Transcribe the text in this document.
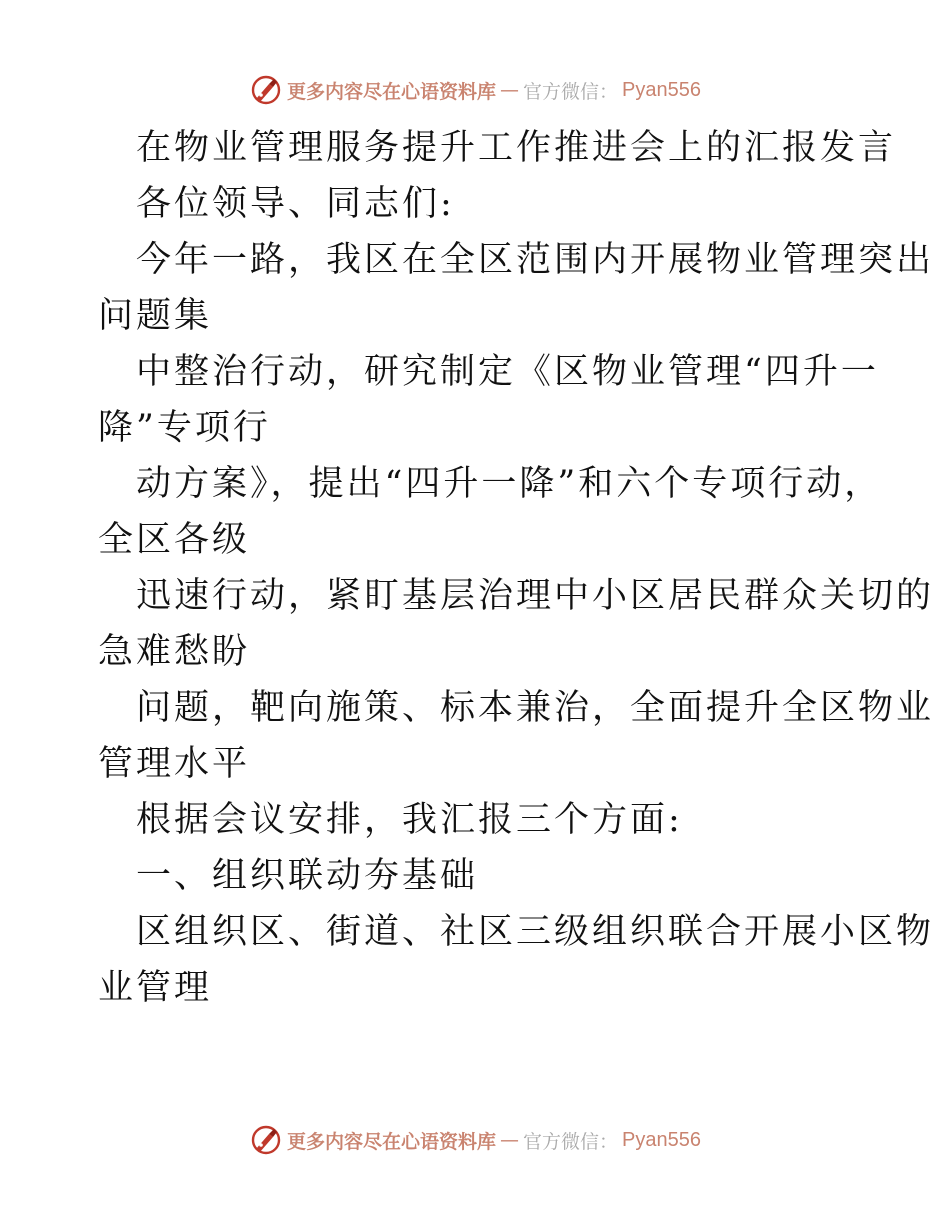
更多内容尽在心语资料库 — 官方微信： Pyan556
在物业管理服务提升工作推进会上的汇报发言
各位领导、同志们:
今年一路，我区在全区范围内开展物业管理突出
问题集
中整治行动，研究制定《区物业管理“四升一
降”专项行
动方案》，提出“四升一降”和六个专项行动，
全区各级
迅速行动，紧盯基层治理中小区居民群众关切的
急难愁盼
问题，靶向施策、标本兼治，全面提升全区物业
管理水平
根据会议安排，我汇报三个方面:
一、组织联动夯基础
区组织区、街道、社区三级组织联合开展小区物
业管理
更多内容尽在心语资料库 — 官方微信： Pyan556
